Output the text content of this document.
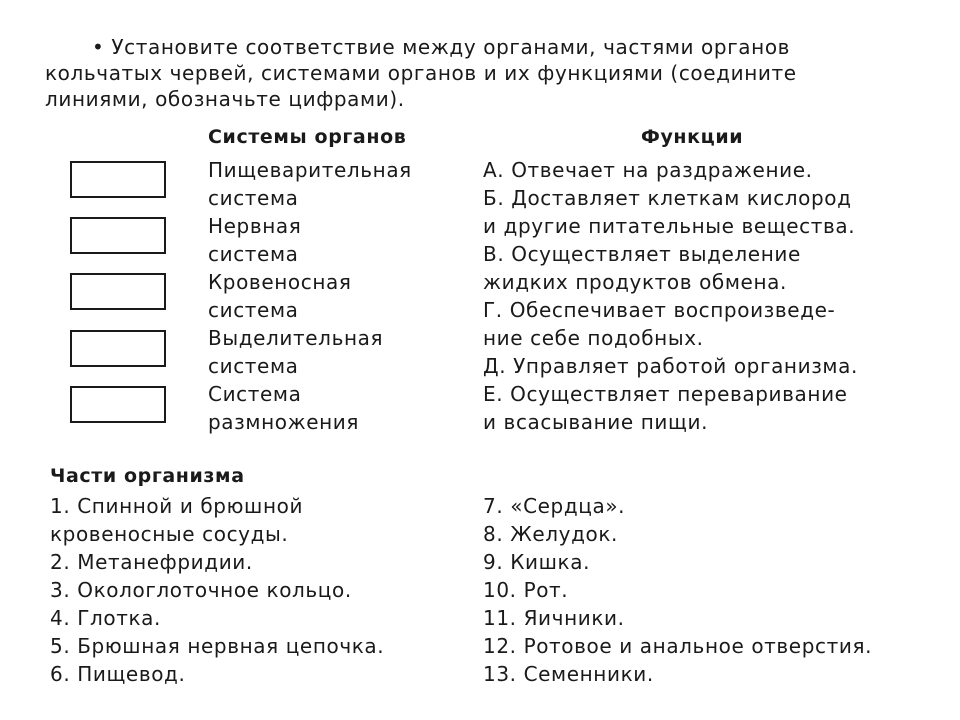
• Установите соответствие между органами, частями органов
кольчатых червей, системами органов и их функциями (соедините
линиями, обозначьте цифрами).
Системы органов	Функции
Пищеварительная
система
Нервная
система
Кровеносная
система
Выделительная
система
Система
размножения
А. Отвечает на раздражение.
Б. Доставляет клеткам кислород
и другие питательные вещества.
В. Осуществляет выделение
жидких продуктов обмена.
Г. Обеспечивает воспроизведе-
ние себе подобных.
Д. Управляет работой организма.
Е. Осуществляет переваривание
и всасывание пищи.
Части организма
1. Спинной и брюшной
кровеносные сосуды.
2. Метанефридии.
3. Окологлоточное кольцо.
4. Глотка.
5. Брюшная нервная цепочка.
6. Пищевод.
7. «Сердца».
8. Желудок.
9. Кишка.
10. Рот.
11. Яичники.
12. Ротовое и анальное отверстия.
13. Семенники.
